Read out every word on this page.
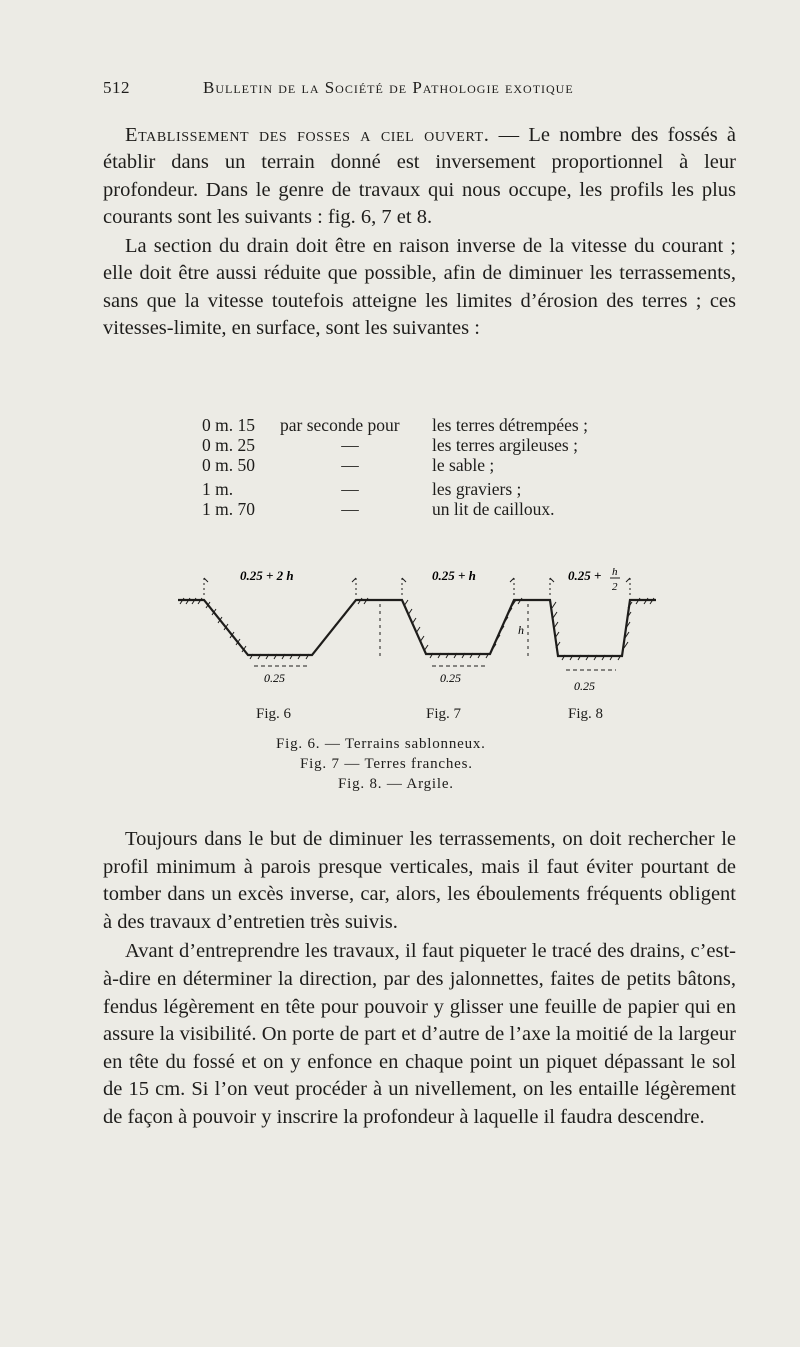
512	Bulletin de la Société de Pathologie exotique

Etablissement des fosses a ciel ouvert. — Le nombre des fossés à établir dans un terrain donné est inversement proportionnel à leur profondeur. Dans le genre de travaux qui nous occupe, les profils les plus courants sont les suivants : fig. 6, 7 et 8.

La section du drain doit être en raison inverse de la vitesse du courant ; elle doit être aussi réduite que possible, afin de diminuer les terrassements, sans que la vitesse toutefois atteigne les limites d’érosion des terres ; ces vitesses-limite, en surface, sont les suivantes :

0 m. 15 par seconde pour	les terres détrempées ;
0 m. 25	—	les terres argileuses ;
0 m. 50	—	le sable ;
1 m.	—	les graviers ;
1 m. 70	—	un lit de cailloux.
0.25 + 2 h
0.25
0.25 + h
h
0.25
0.25 + h
2
0.25
Fig. 6	Fig. 7	Fig. 8
Fig. 6. — Terrains sablonneux.
Fig. 7 — Terres franches.
Fig. 8. — Argile.

Toujours dans le but de diminuer les terrassements, on doit rechercher le profil minimum à parois presque verticales, mais il faut éviter pourtant de tomber dans un excès inverse, car, alors, les éboulements fréquents obligent à des travaux d’entretien très suivis.

Avant d’entreprendre les travaux, il faut piqueter le tracé des drains, c’est-à-dire en déterminer la direction, par des jalonnettes, faites de petits bâtons, fendus légèrement en tête pour pouvoir y glisser une feuille de papier qui en assure la visibilité. On porte de part et d’autre de l’axe la moitié de la largeur en tête du fossé et on y enfonce en chaque point un piquet dépassant le sol de 15 cm. Si l’on veut procéder à un nivellement, on les entaille légèrement de façon à pouvoir y inscrire la profondeur à laquelle il faudra descendre.
